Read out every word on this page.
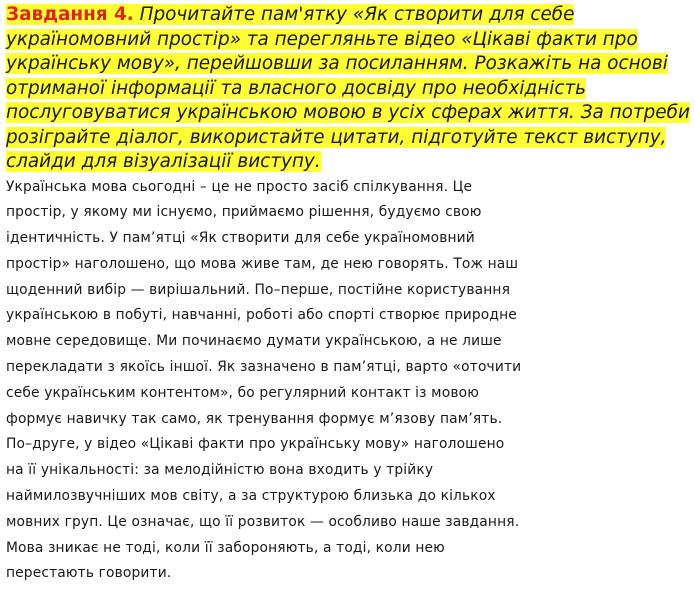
Завдання 4. Прочитайте пам'ятку «Як створити для себе україномовний простір» та перегляньте відео «Цікаві факти про українську мову», перейшовши за посиланням. Розкажіть на основі отриманої інформації та власного досвіду про необхідність послуговуватися українською мовою в усіх сферах життя. За потреби розіграйте діалог, використайте цитати, підготуйте текст виступу, слайди для візуалізації виступу.

Українська мова сьогодні – це не просто засіб спілкування. Це
простір, у якому ми існуємо, приймаємо рішення, будуємо свою
ідентичність. У пам’ятці «Як створити для себе україномовний
простір» наголошено, що мова живе там, де нею говорять. Тож наш
щоденний вибір — вирішальний. По–перше, постійне користування
українською в побуті, навчанні, роботі або спорті створює природне
мовне середовище. Ми починаємо думати українською, а не лише
перекладати з якоїсь іншої. Як зазначено в пам’ятці, варто «оточити
себе українським контентом», бо регулярний контакт із мовою
формує навичку так само, як тренування формує м’язову пам’ять.
По–друге, у відео «Цікаві факти про українську мову» наголошено
на її унікальності: за мелодійністю вона входить у трійку
наймилозвучніших мов світу, а за структурою близька до кількох
мовних груп. Це означає, що її розвиток — особливо наше завдання.
Мова зникає не тоді, коли її забороняють, а тоді, коли нею
перестають говорити.
